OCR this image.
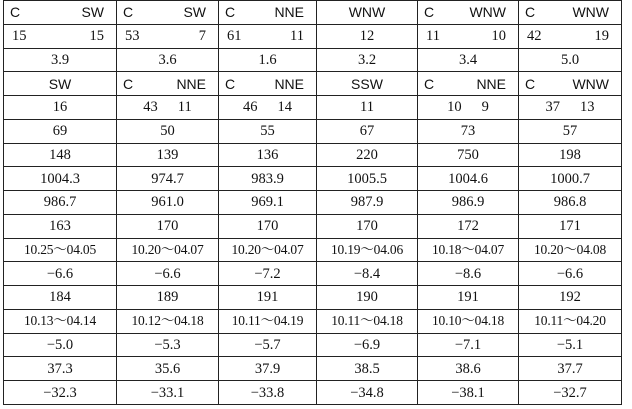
C SW	C SW	C NNE	WNW	C WNW	C WNW

15 15	53 7	61 11	12	11 10	42 19

3.9	3.6	1.6	3.2	3.4	5.0
SW	C NNE	C NNE	SSW	C NNE	C WNW

16	43 11	46 14	11	10 9	37 13
69	50	55	67	73	57
148	139	136	220	750	198
1004.3	974.7	983.9	1005.5	1004.6	1000.7
986.7	961.0	969.1	987.9	986.9	986.8
163	170	170	170	172	171
10.25～04.05	10.20～04.07	10.20～04.07	10.19～04.06	10.18～04.07	10.20～04.08
−6.6	−6.6	−7.2	−8.4	−8.6	−6.6
184	189	191	190	191	192
10.13～04.14	10.12～04.18	10.11～04.19	10.11～04.18	10.10～04.18	10.11～04.20
−5.0	−5.3	−5.7	−6.9	−7.1	−5.1
37.3	35.6	37.9	38.5	38.6	37.7
−32.3	−33.1	−33.8	−34.8	−38.1	−32.7
